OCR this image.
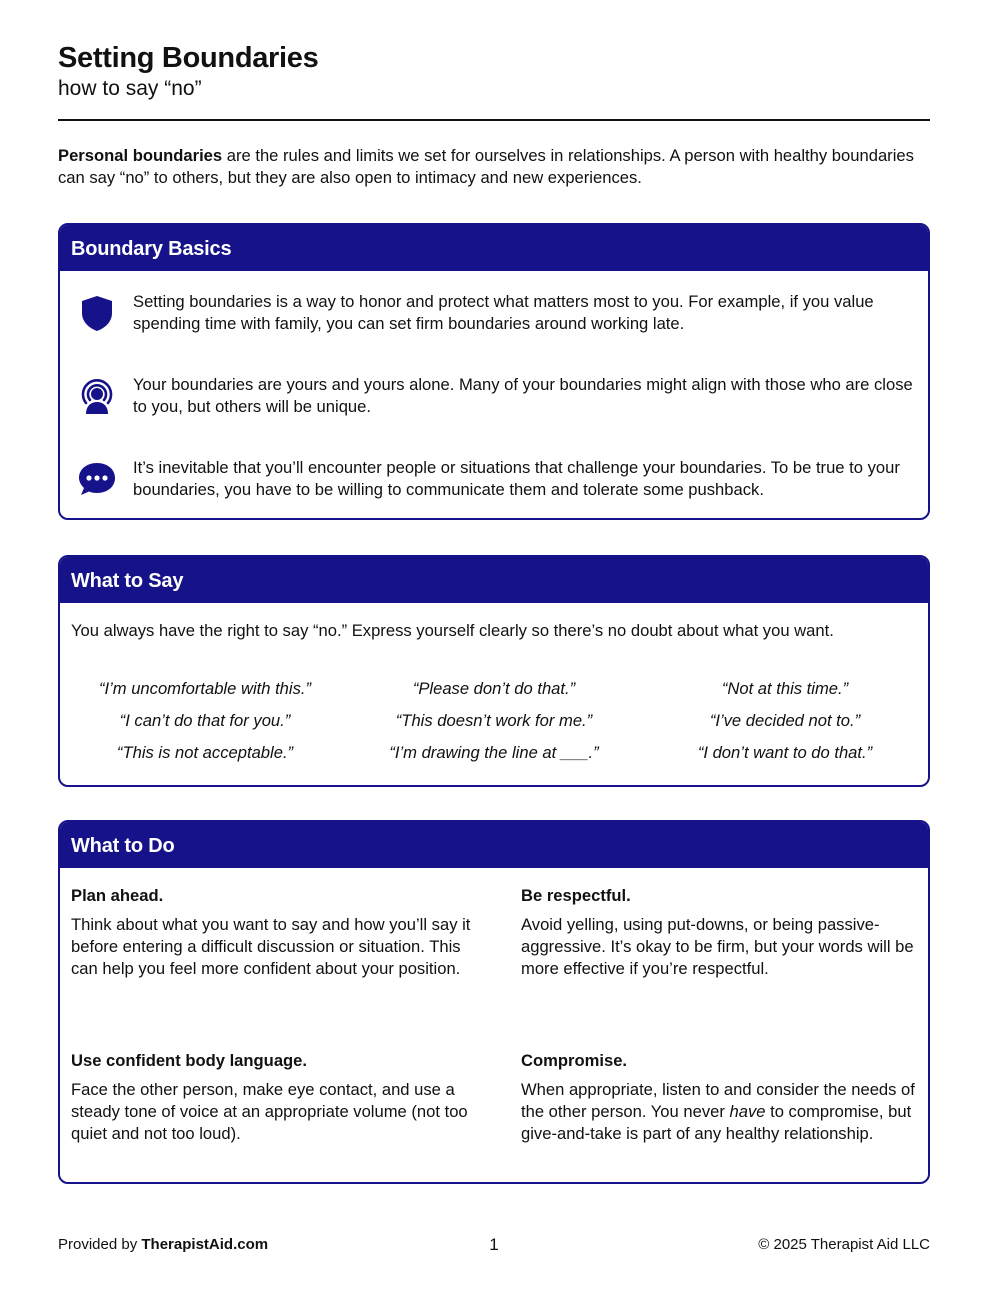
Setting Boundaries

how to say “no”

Personal boundaries are the rules and limits we set for ourselves in relationships. A person with healthy boundaries can say “no” to others, but they are also open to intimacy and new experiences.

Boundary Basics

Setting boundaries is a way to honor and protect what matters most to you. For example, if you value spending time with family, you can set firm boundaries around working late.

Your boundaries are yours and yours alone. Many of your boundaries might align with those who are close to you, but others will be unique.

It’s inevitable that you’ll encounter people or situations that challenge your boundaries. To be true to your boundaries, you have to be willing to communicate them and tolerate some pushback.

What to Say

You always have the right to say “no.” Express yourself clearly so there’s no doubt about what you want.

“I’m uncomfortable with this.”
“I can’t do that for you.”
“This is not acceptable.”
“Please don’t do that.”
“This doesn’t work for me.”
“I’m drawing the line at ___.”
“Not at this time.”
“I’ve decided not to.”
“I don’t want to do that.”
What to Do

Plan ahead.

Think about what you want to say and how you’ll say it before entering a difficult discussion or situation. This can help you feel more confident about your position.

Be respectful.

Avoid yelling, using put-downs, or being passive-aggressive. It’s okay to be firm, but your words will be more effective if you’re respectful.

Use confident body language.

Face the other person, make eye contact, and use a steady tone of voice at an appropriate volume (not too quiet and not too loud).

Compromise.

When appropriate, listen to and consider the needs of the other person. You never have to compromise, but give-and-take is part of any healthy relationship.

Provided by TherapistAid.com	1	© 2025 Therapist Aid LLC
